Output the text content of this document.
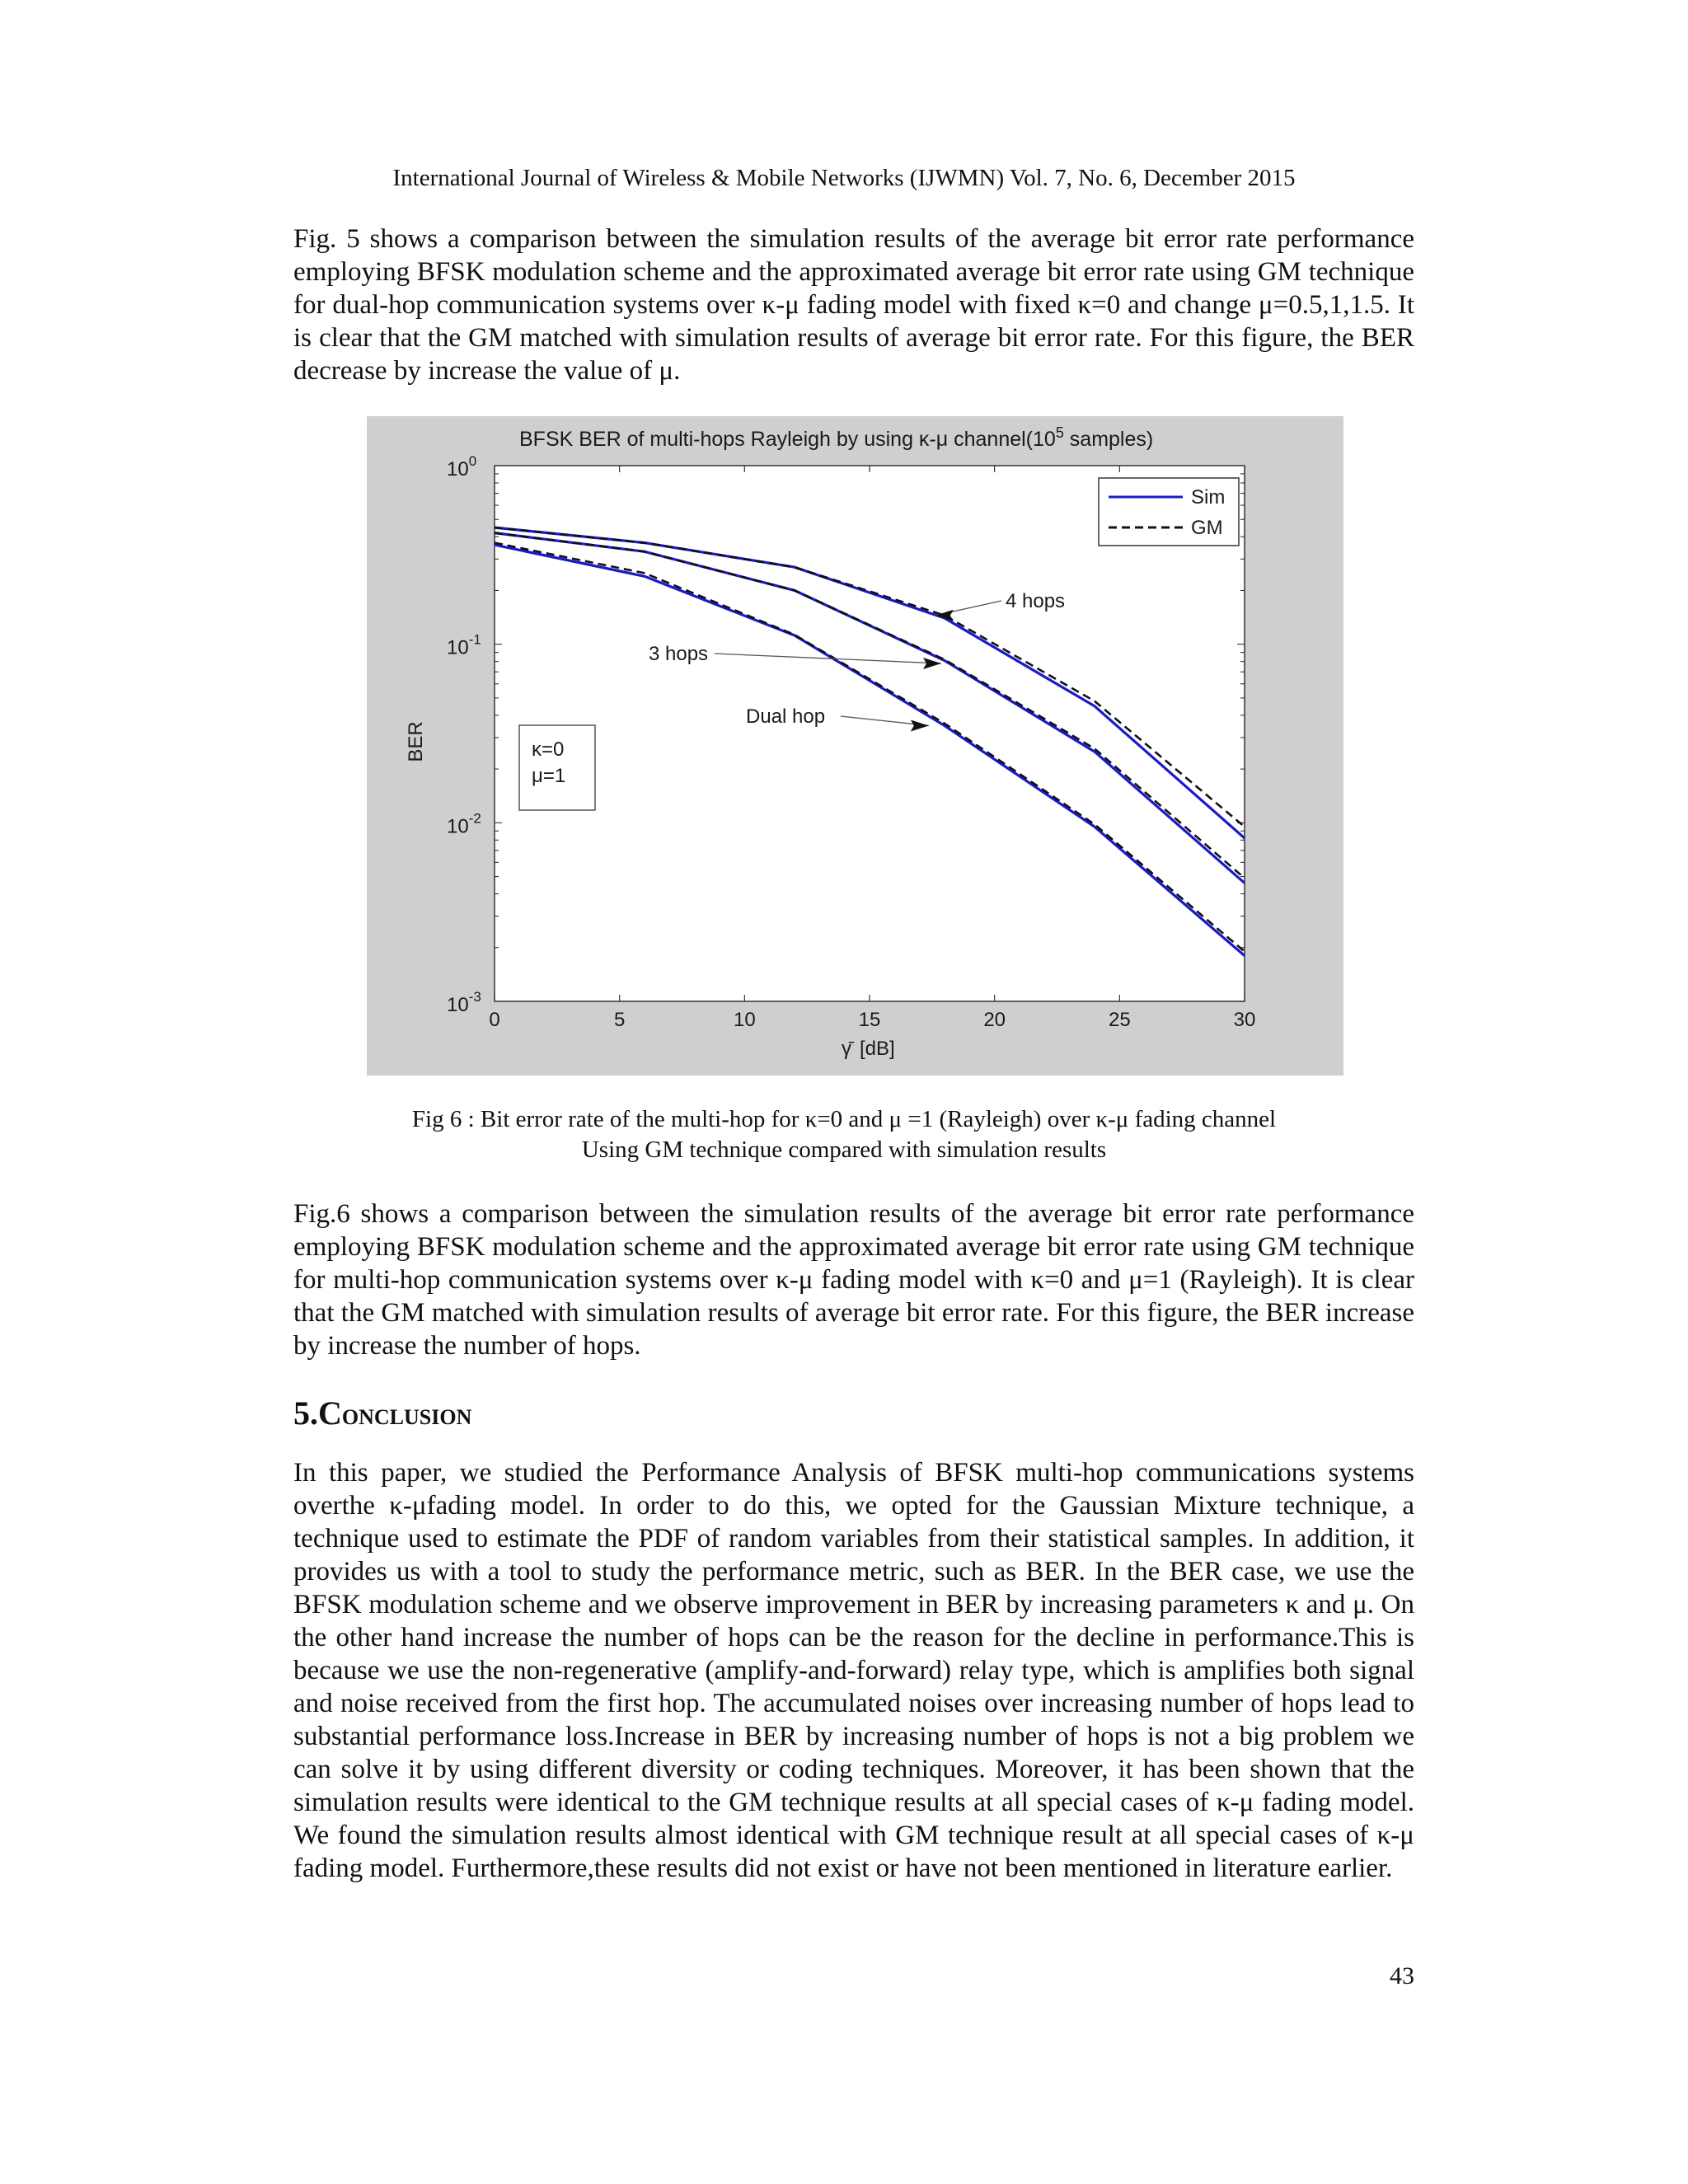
International Journal of Wireless & Mobile Networks (IJWMN) Vol. 7, No. 6, December 2015

Fig. 5 shows a comparison between the simulation results of the average bit error rate performance employing BFSK modulation scheme and the approximated average bit error rate using GM technique for dual-hop communication systems over κ-μ fading model with fixed κ=0 and change μ=0.5,1,1.5. It is clear that the GM matched with simulation results of average bit error rate. For this figure, the BER decrease by increase the value of μ.

BFSK BER of multi-hops Rayleigh by using κ-μ $channel(10^5$ samples)
BER
γ̄ [dB]
0	5	10	15	20	25	30
$10^0$
$10^{-1}$
$10^{-2}$
$10^{-3}$
4 hops
3 hops
Dual hop
Sim
GM
κ=0
μ=1

Fig 6 : Bit error rate of the multi-hop for κ=0 and μ =1 (Rayleigh) over κ-μ fading channel

Using GM technique compared with simulation results

Fig.6 shows a comparison between the simulation results of the average bit error rate performance employing BFSK modulation scheme and the approximated average bit error rate using GM technique for multi-hop communication systems over κ-μ fading model with κ=0 and μ=1 (Rayleigh). It is clear that the GM matched with simulation results of average bit error rate. For this figure, the BER increase by increase the number of hops.

5.Conclusion

In this paper, we studied the Performance Analysis of BFSK multi-hop communications systems overthe κ-μfading model. In order to do this, we opted for the Gaussian Mixture technique, a technique used to estimate the PDF of random variables from their statistical samples. In addition, it provides us with a tool to study the performance metric, such as BER. In the BER case, we use the BFSK modulation scheme and we observe improvement in BER by increasing parameters κ and μ. On the other hand increase the number of hops can be the reason for the decline in performance.This is because we use the non-regenerative (amplify-and-forward) relay type, which is amplifies both signal and noise received from the first hop. The accumulated noises over increasing number of hops lead to substantial performance loss.Increase in BER by increasing number of hops is not a big problem we can solve it by using different diversity or coding techniques. Moreover, it has been shown that the simulation results were identical to the GM technique results at all special cases of κ-μ fading model. We found the simulation results almost identical with GM technique result at all special cases of κ-μ fading model. Furthermore,these results did not exist or have not been mentioned in literature earlier.

43
